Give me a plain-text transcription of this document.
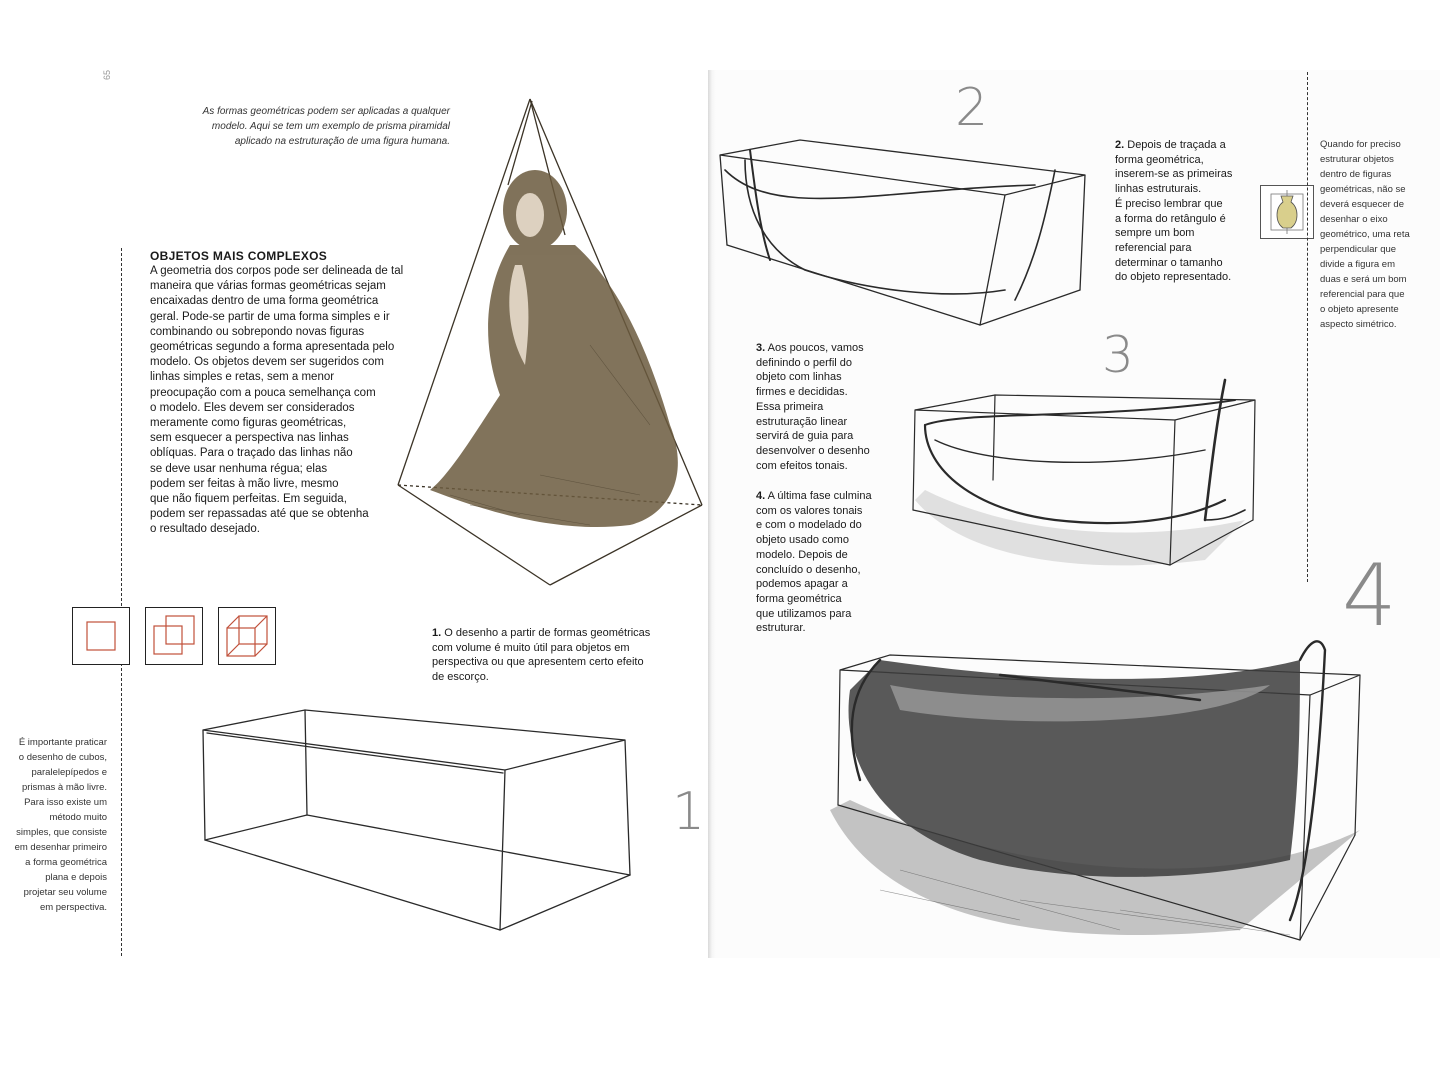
65
As formas geométricas podem ser aplicadas a qualquer modelo. Aqui se tem um exemplo de prisma piramidal aplicado na estruturação de uma figura humana.
OBJETOS MAIS COMPLEXOS
A geometria dos corpos pode ser delineada de tal
maneira que várias formas geométricas sejam
encaixadas dentro de uma forma geométrica
geral. Pode-se partir de uma forma simples e ir
combinando ou sobrepondo novas figuras
geométricas segundo a forma apresentada pelo
modelo. Os objetos devem ser sugeridos com
linhas simples e retas, sem a menor
preocupação com a pouca semelhança com
o modelo. Eles devem ser considerados
meramente como figuras geométricas,
sem esquecer a perspectiva nas linhas
oblíquas. Para o traçado das linhas não
se deve usar nenhuma régua; elas
podem ser feitas à mão livre, mesmo
que não fiquem perfeitas. Em seguida,
podem ser repassadas até que se obtenha
o resultado desejado.
1. O desenho a partir de formas geométricas
com volume é muito útil para objetos em
perspectiva ou que apresentem certo efeito
de escorço.
É importante praticar
o desenho de cubos,
paralelepípedos e
prismas à mão livre.
Para isso existe um
método muito
simples, que consiste
em desenhar primeiro
a forma geométrica
plana e depois
projetar seu volume
em perspectiva.
1
2
3
4
2. Depois de traçada a
forma geométrica,
inserem-se as primeiras
linhas estruturais.
É preciso lembrar que
a forma do retângulo é
sempre um bom
referencial para
determinar o tamanho
do objeto representado.
Quando for preciso
estruturar objetos
dentro de figuras
geométricas, não se
deverá esquecer de
desenhar o eixo
geométrico, uma reta
perpendicular que
divide a figura em
duas e será um bom
referencial para que
o objeto apresente
aspecto simétrico.
3. Aos poucos, vamos
definindo o perfil do
objeto com linhas
firmes e decididas.
Essa primeira
estruturação linear
servirá de guia para
desenvolver o desenho
com efeitos tonais.
4. A última fase culmina
com os valores tonais
e com o modelado do
objeto usado como
modelo. Depois de
concluído o desenho,
podemos apagar a
forma geométrica
que utilizamos para
estruturar.
